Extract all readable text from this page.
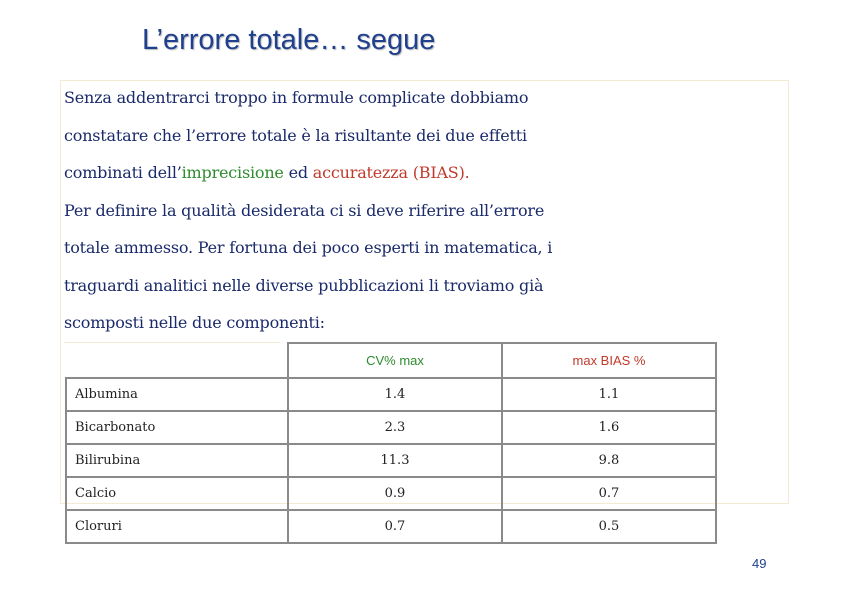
L’errore totale… segue

Senza addentrarci troppo in formule complicate dobbiamo constatare che l’errore totale è la risultante dei due effetti combinati dell’imprecisione ed accuratezza (BIAS).
Per definire la qualità desiderata ci si deve riferire all’errore totale ammesso. Per fortuna dei poco esperti in matematica, i traguardi analitici nelle diverse pubblicazioni li troviamo già scomposti nelle due componenti:

	CV% max	max BIAS %
Albumina	1.4	1.1
Bicarbonato	2.3	1.6
Bilirubina	11.3	9.8
Calcio	0.9	0.7
Cloruri	0.7	0.5
49
